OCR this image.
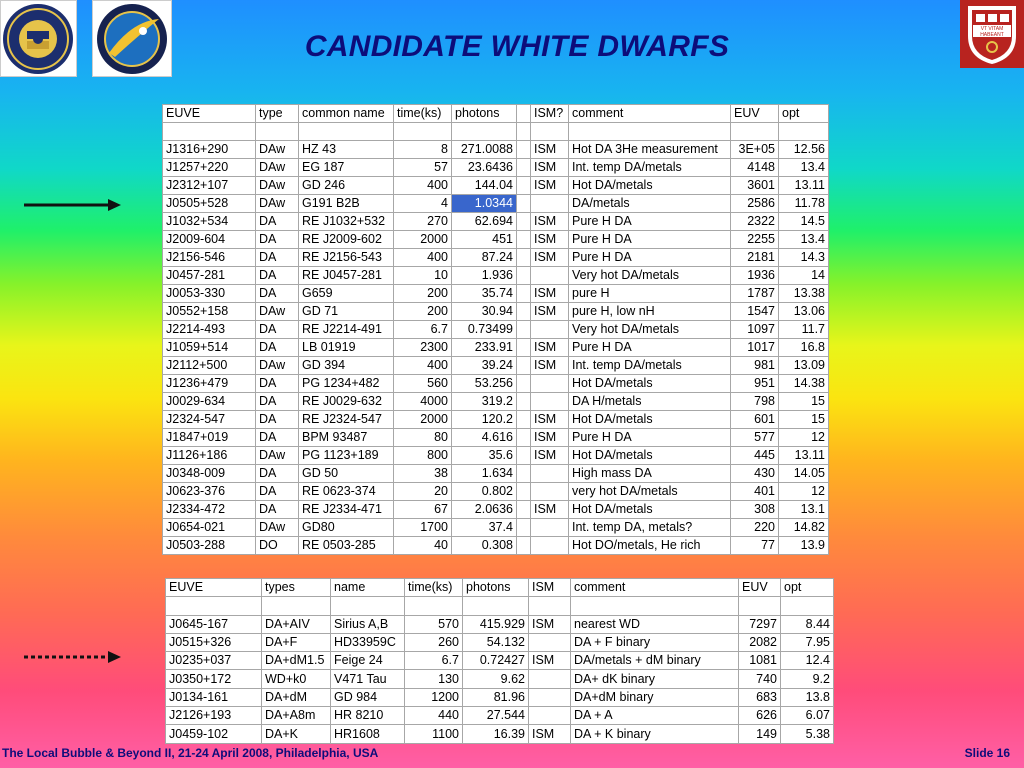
VT VITAM
HABEANT
CANDIDATE WHITE DWARFS
EUVE	type	common name	time(ks)	photons		ISM?	comment	EUV	opt

J1316+290	DAw	HZ 43	8	271.0088		ISM	Hot DA 3He measurement	3E+05	12.56
J1257+220	DAw	EG 187	57	23.6436		ISM	Int. temp DA/metals	4148	13.4
J2312+107	DAw	GD 246	400	144.04		ISM	Hot DA/metals	3601	13.11
J0505+528	DAw	G191 B2B	4	1.0344			DA/metals	2586	11.78
J1032+534	DA	RE J1032+532	270	62.694		ISM	Pure H DA	2322	14.5
J2009-604	DA	RE J2009-602	2000	451		ISM	Pure H DA	2255	13.4
J2156-546	DA	RE J2156-543	400	87.24		ISM	Pure H DA	2181	14.3
J0457-281	DA	RE J0457-281	10	1.936			Very hot DA/metals	1936	14
J0053-330	DA	G659	200	35.74		ISM	pure H	1787	13.38
J0552+158	DAw	GD 71	200	30.94		ISM	pure H, low nH	1547	13.06
J2214-493	DA	RE J2214-491	6.7	0.73499			Very hot DA/metals	1097	11.7
J1059+514	DA	LB 01919	2300	233.91		ISM	Pure H DA	1017	16.8
J2112+500	DAw	GD 394	400	39.24		ISM	Int. temp DA/metals	981	13.09
J1236+479	DA	PG 1234+482	560	53.256			Hot DA/metals	951	14.38
J0029-634	DA	RE J0029-632	4000	319.2			DA H/metals	798	15
J2324-547	DA	RE J2324-547	2000	120.2		ISM	Hot DA/metals	601	15
J1847+019	DA	BPM 93487	80	4.616		ISM	Pure H DA	577	12
J1126+186	DAw	PG 1123+189	800	35.6		ISM	Hot DA/metals	445	13.11
J0348-009	DA	GD 50	38	1.634			High mass DA	430	14.05
J0623-376	DA	RE 0623-374	20	0.802			very hot DA/metals	401	12
J2334-472	DA	RE J2334-471	67	2.0636		ISM	Hot DA/metals	308	13.1
J0654-021	DAw	GD80	1700	37.4			Int. temp DA, metals?	220	14.82
J0503-288	DO	RE 0503-285	40	0.308			Hot DO/metals, He rich	77	13.9
EUVE	types	name	time(ks)	photons	ISM	comment	EUV	opt

J0645-167	DA+AIV	Sirius A,B	570	415.929	ISM	nearest WD	7297	8.44
J0515+326	DA+F	HD33959C	260	54.132		DA + F binary	2082	7.95
J0235+037	DA+dM1.5	Feige 24	6.7	0.72427	ISM	DA/metals + dM binary	1081	12.4
J0350+172	WD+k0	V471 Tau	130	9.62		DA+ dK binary	740	9.2
J0134-161	DA+dM	GD 984	1200	81.96		DA+dM binary	683	13.8
J2126+193	DA+A8m	HR 8210	440	27.544		DA + A	626	6.07
J0459-102	DA+K	HR1608	1100	16.39	ISM	DA + K binary	149	5.38
The Local Bubble & Beyond II, 21-24 April 2008, Philadelphia, USA	Slide 16
